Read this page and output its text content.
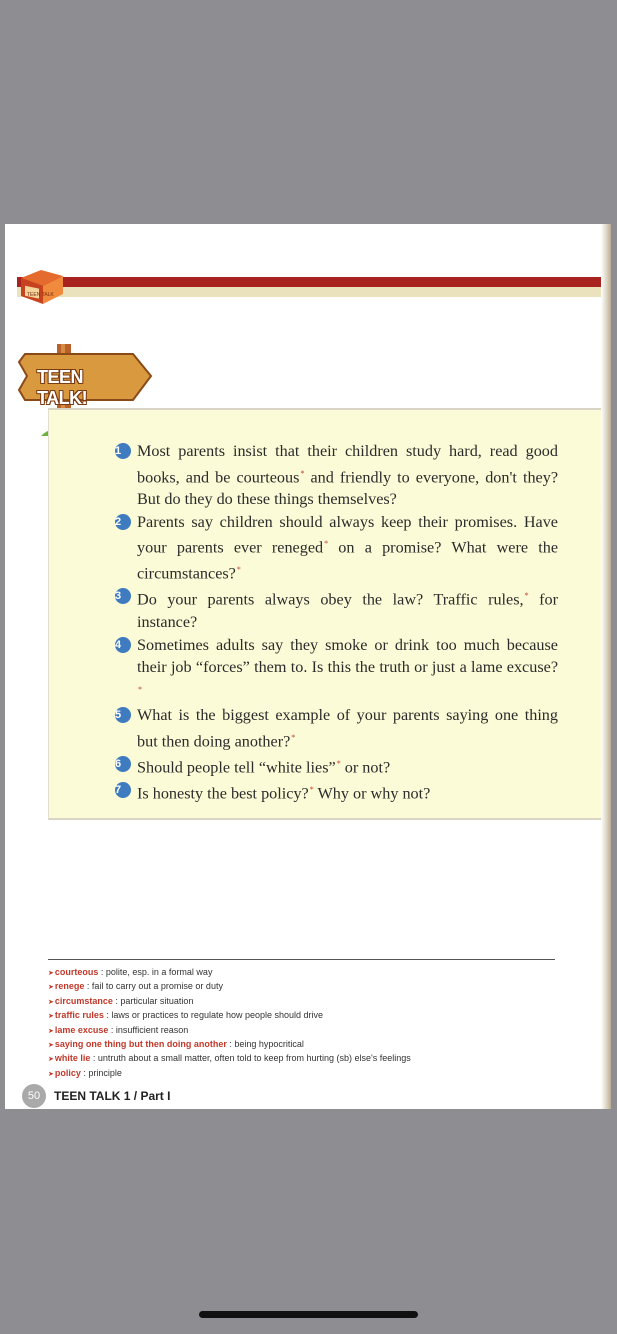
TEEN TALK
TEEN TALK!
1 Most parents insist that their children study hard, read good books, and be courteous* and friendly to everyone, don't they? But do they do these things themselves?
2 Parents say children should always keep their promises. Have your parents ever reneged* on a promise? What were the circumstances?*
3 Do your parents always obey the law? Traffic rules,* for instance?
4 Sometimes adults say they smoke or drink too much because their job “forces” them to. Is this the truth or just a lame excuse?*
5 What is the biggest example of your parents saying one thing but then doing another?*
6 Should people tell “white lies”* or not?
7 Is honesty the best policy?* Why or why not?
➤courteous : polite, esp. in a formal way
➤renege : fail to carry out a promise or duty
➤circumstance : particular situation
➤traffic rules : laws or practices to regulate how people should drive
➤lame excuse : insufficient reason
➤saying one thing but then doing another : being hypocritical
➤white lie : untruth about a small matter, often told to keep from hurting (sb) else's feelings
➤policy : principle
50	TEEN TALK 1 / Part I
